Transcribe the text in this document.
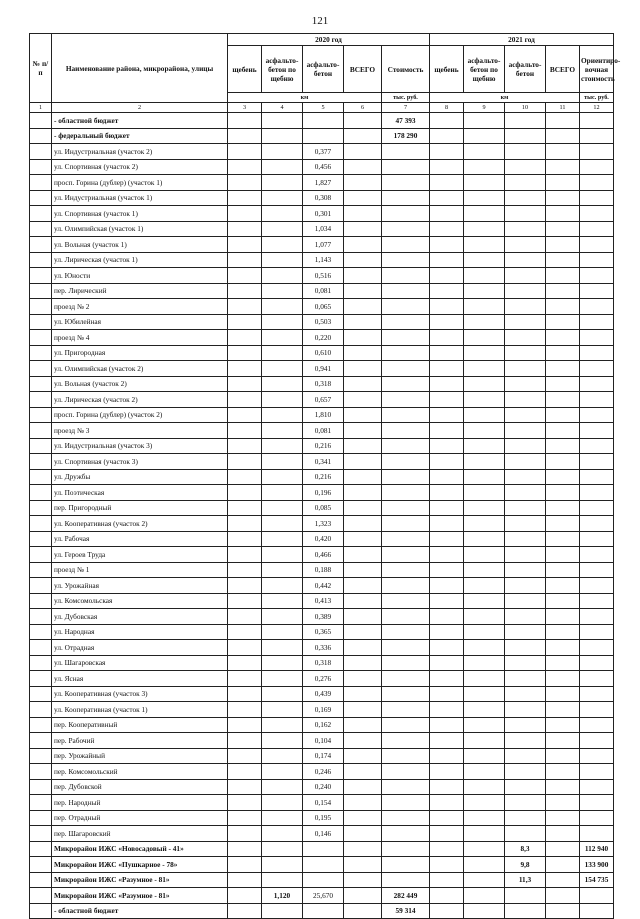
121
№ п/п	Наименование района, микрорайона, улицы	2020 год					2021 год				
		щебень	асфальто-бетон по щебню	асфальто-бетон	ВСЕГО	Стоимость	щебень	асфальто-бетон по щебню	асфальто-бетон	ВСЕГО	Ориентиро-вочная стоимость
		км				тыс. руб.	км				тыс. руб.
1	2	3	4	5	6	7	8	9	10	11	12
	- областной бюджет					47 393					
	- федеральный бюджет					178 290					
	ул. Индустриальная (участок 2)			0,377							
	ул. Спортивная (участок 2)			0,456							
	просп. Горина (дублер) (участок 1)			1,827							
	ул. Индустриальная (участок 1)			0,308							
	ул. Спортивная (участок 1)			0,301							
	ул. Олимпийская (участок 1)			1,034							
	ул. Вольная (участок 1)			1,077							
	ул. Лирическая (участок 1)			1,143							
	ул. Юности			0,516							
	пер. Лирический			0,081							
	проезд № 2			0,065							
	ул. Юбилейная			0,503							
	проезд № 4			0,220							
	ул. Пригородная			0,610							
	ул. Олимпийская (участок 2)			0,941							
	ул. Вольная (участок 2)			0,318							
	ул. Лирическая (участок 2)			0,657							
	просп. Горина (дублер) (участок 2)			1,810							
	проезд № 3			0,081							
	ул. Индустриальная (участок 3)			0,216							
	ул. Спортивная (участок 3)			0,341							
	ул. Дружбы			0,216							
	ул. Поэтическая			0,196							
	пер. Пригородный			0,085							
	ул. Кооперативная (участок 2)			1,323							
	ул. Рабочая			0,420							
	ул. Героев Труда			0,466							
	проезд № 1			0,188							
	ул. Урожайная			0,442							
	ул. Комсомольская			0,413							
	ул. Дубовская			0,389							
	ул. Народная			0,365							
	ул. Отрадная			0,336							
	ул. Шагаровская			0,318							
	ул. Ясная			0,276							
	ул. Кооперативная (участок 3)			0,439							
	ул. Кооперативная (участок 1)			0,169							
	пер. Кооперативный			0,162							
	пер. Рабочий			0,104							
	пер. Урожайный			0,174							
	пер. Комсомольский			0,246							
	пер. Дубовской			0,240							
	пер. Народный			0,154							
	пер. Отрадный			0,195							
	пер. Шагаровский			0,146							
	Микрорайон ИЖС «Новосадовый - 41»								8,3		112 940
	Микрорайон ИЖС «Пушкарное - 78»								9,8		133 900
	Микрорайон ИЖС «Разумное - 81»								11,3		154 735
	Микрорайон ИЖС «Разумное - 81»		1,120	25,670		282 449					
	- областной бюджет					59 314					
